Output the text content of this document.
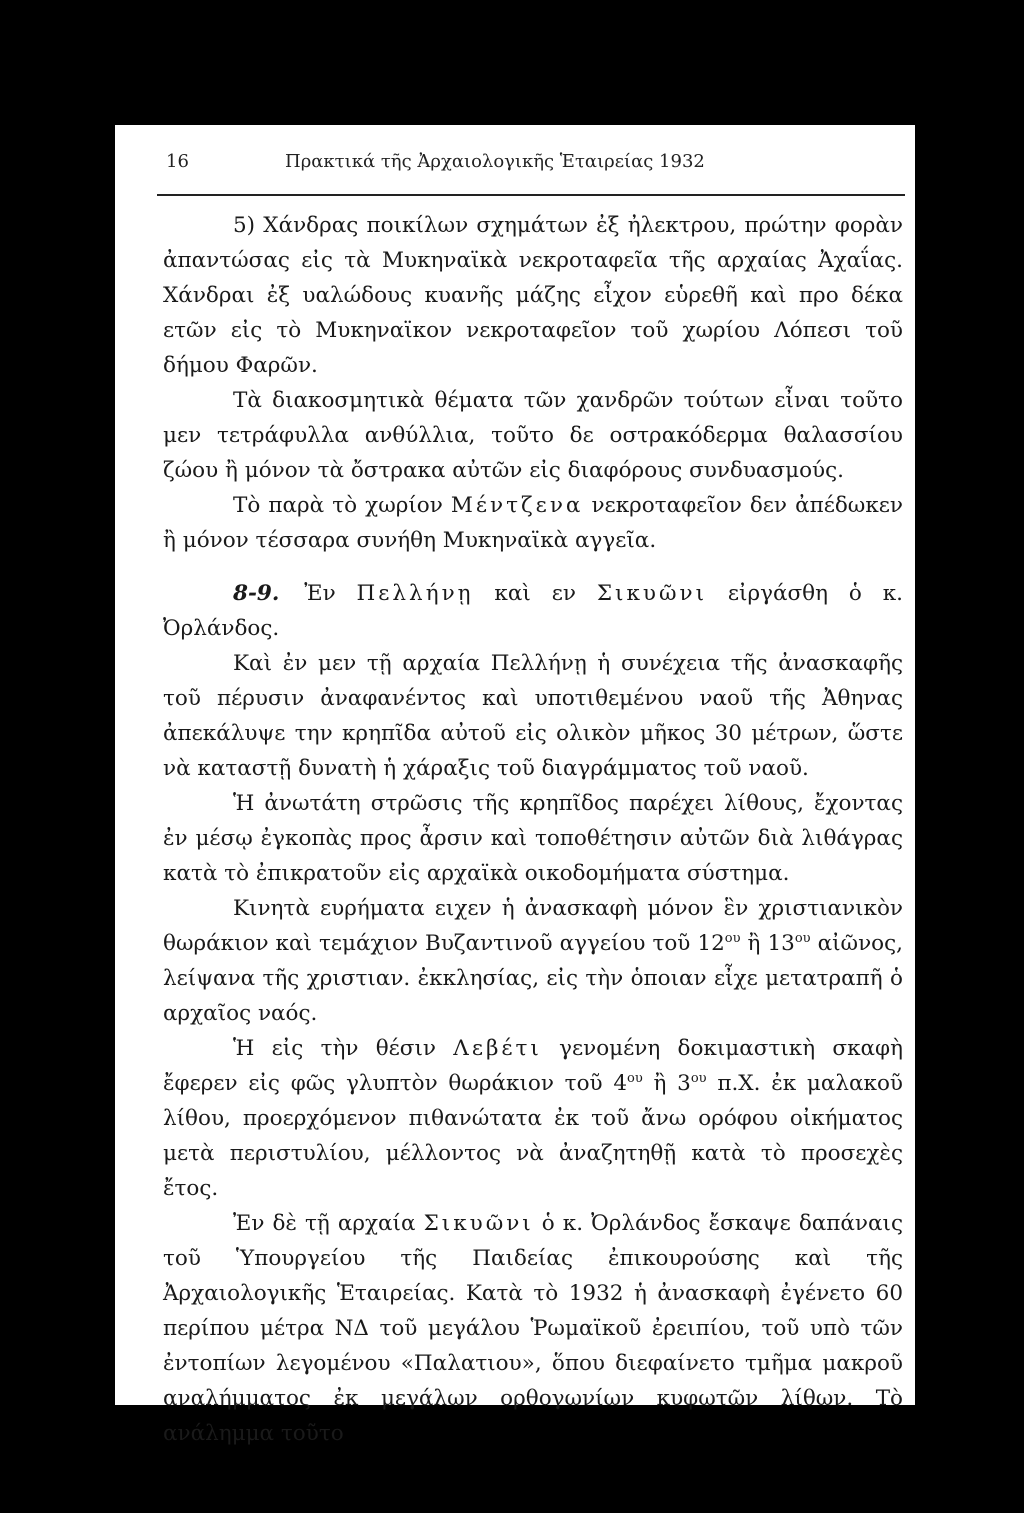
16	Πρακτικά τῆς Ἀρχαιολογικῆς Ἑταιρείας 1932

5) Χάνδρας ποικίλων σχημάτων ἐξ ἠλεκτρου, πρώτην φορὰν ἀπαντώσας εἰς τὰ Μυκηναϊκὰ νεκροταφεῖα τῆς αρχαίας Ἀχαΐας. Χάνδραι ἐξ υαλώδους κυανῆς μάζης εἶχον εὑρεθῆ καὶ προ δέκα ετῶν εἰς τὸ Μυκηναϊκον νεκροταφεῖον τοῦ χωρίου Λόπεσι τοῦ δήμου Φαρῶν.

Τὰ διακοσμητικὰ θέματα τῶν χανδρῶν τούτων εἶναι τοῦτο μεν τετράφυλλα ανθύλλια, τοῦτο δε οστρακόδερμα θαλασσίου ζώου ἢ μόνον τὰ ὄστρακα αὐτῶν εἰς διαφόρους συνδυασμούς.

Τὸ παρὰ τὸ χωρίον Μέντζενα νεκροταφεῖον δεν ἀπέδωκεν ἢ μόνον τέσσαρα συνήθη Μυκηναϊκὰ αγγεῖα.

8-9. Ἐν Πελλήνῃ καὶ εν Σικυῶνι εἰργάσθη ὁ κ. Ὀρλάνδος.

Καὶ ἐν μεν τῇ αρχαία Πελλήνῃ ἡ συνέχεια τῆς ἀνασκαφῆς τοῦ πέρυσιν ἀναφανέντος καὶ υποτιθεμένου ναοῦ τῆς Ἀθηνας ἀπεκάλυψε την κρηπῖδα αὐτοῦ εἰς ολικὸν μῆκος 30 μέτρων, ὥστε νὰ καταστῇ δυνατὴ ἡ χάραξις τοῦ διαγράμματος τοῦ ναοῦ.

Ἡ ἀνωτάτη στρῶσις τῆς κρηπῖδος παρέχει λίθους, ἔχοντας ἐν μέσῳ ἐγκοπὰς προς ἆρσιν καὶ τοποθέτησιν αὐτῶν διὰ λιθάγρας κατὰ τὸ ἐπικρατοῦν εἰς αρχαϊκὰ οικοδομήματα σύστημα.

Κινητὰ ευρήματα ειχεν ἡ ἀνασκαφὴ μόνον ἓν χριστιανικὸν θωράκιον καὶ τεμάχιον Βυζαντινοῦ αγγείου τοῦ $12^{o\upsilon}$ ἢ $13^{o\upsilon}$ αἰῶνος, λείψανα τῆς χριστιαν. ἐκκλησίας, εἰς τὴν ὁποιαν εἶχε μετατραπῆ ὁ αρχαῖος ναός.

Ἡ εἰς τὴν θέσιν Λεβέτι γενομένη δοκιμαστικὴ σκαφὴ ἔφερεν εἰς φῶς γλυπτὸν θωράκιον τοῦ $4^{o\upsilon}$ ἢ $3^{o\upsilon}$ π.Χ. ἐκ μαλακοῦ λίθου, προερχόμενον πιθανώτατα ἐκ τοῦ ἄνω ορόφου οἰκήματος μετὰ περιστυλίου, μέλλοντος νὰ ἀναζητηθῇ κατὰ τὸ προσεχὲς ἔτος.

Ἐν δὲ τῇ αρχαία Σικυῶνι ὁ κ. Ὀρλάνδος ἔσκαψε δαπάναις τοῦ Ὑπουργείου τῆς Παιδείας ἐπικουρούσης καὶ τῆς Ἀρχαιολογικῆς Ἑταιρείας. Κατὰ τὸ 1932 ἡ ἀνασκαφὴ ἐγένετο 60 περίπου μέτρα ΝΔ τοῦ μεγάλου Ῥωμαϊκοῦ ἐρειπίου, τοῦ υπὸ τῶν ἐντοπίων λεγομένου «Παλατιου», ὅπου διεφαίνετο τμῆμα μακροῦ αναλήμματος ἐκ μεγάλων ορθογωνίων κυφωτῶν λίθων. Τὸ ανάλημμα τοῦτο
